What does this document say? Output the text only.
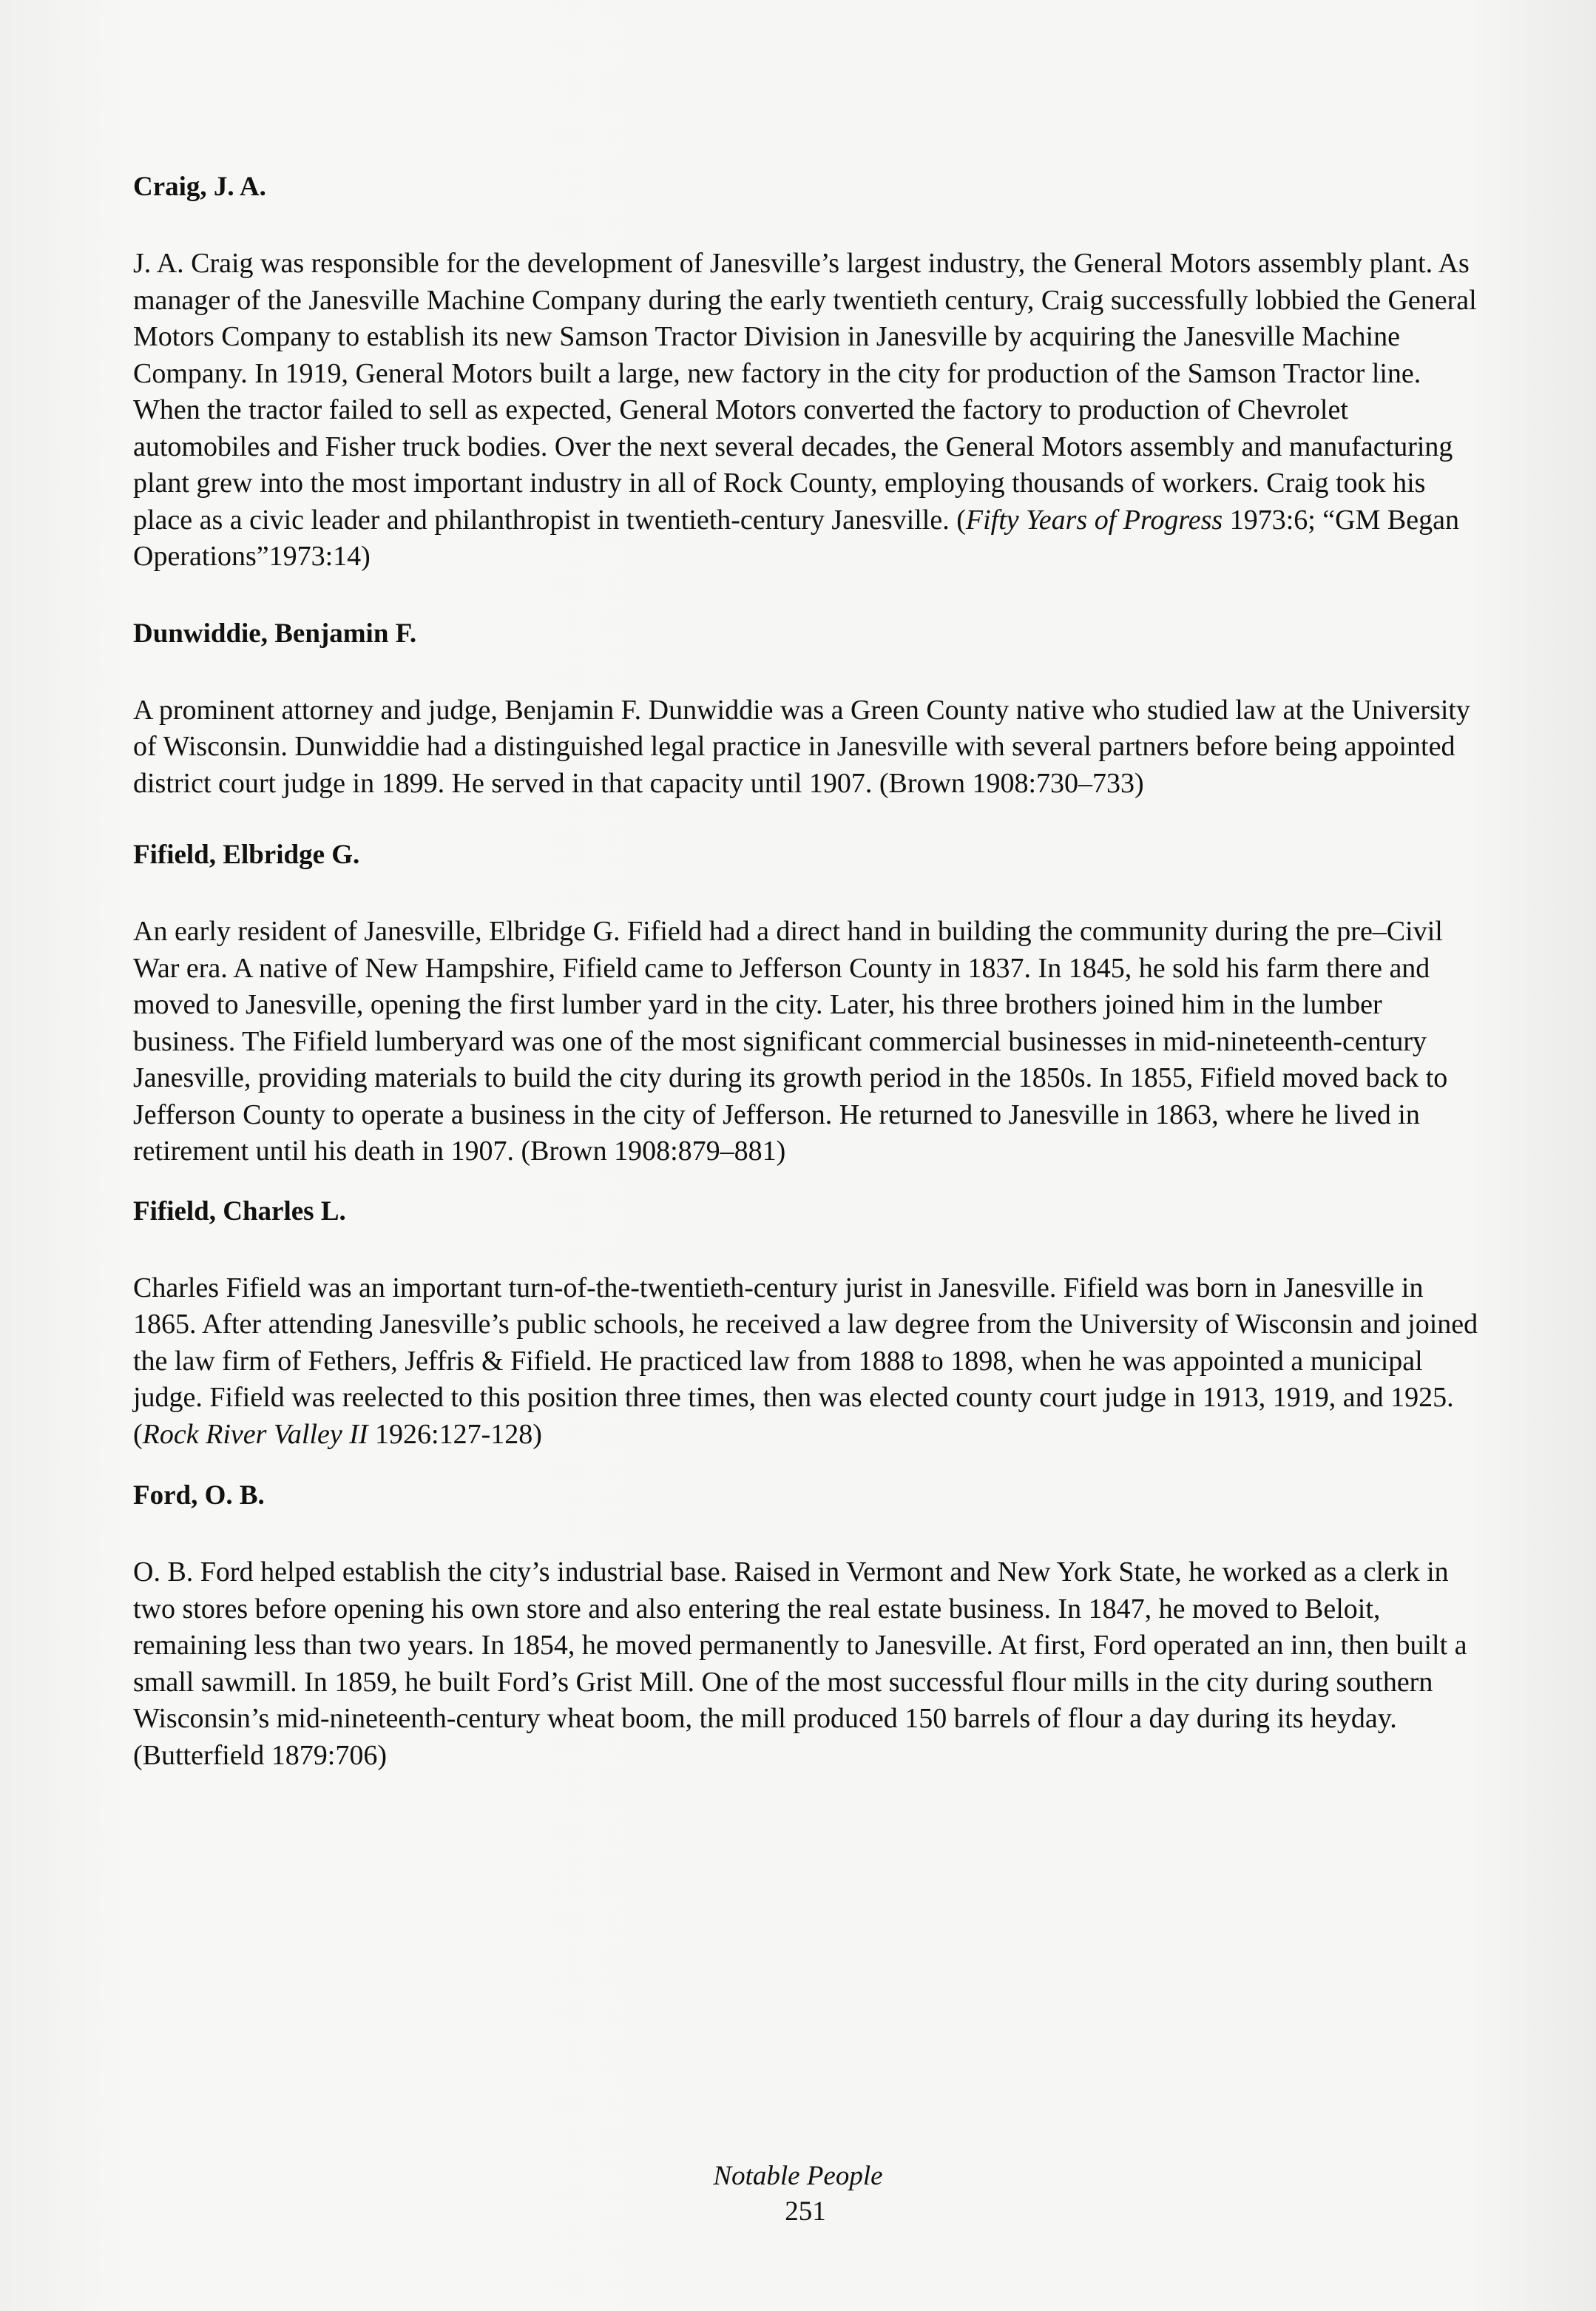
Craig, J. A.

J. A. Craig was responsible for the development of Janesville’s largest industry, the General Motors assembly plant. As manager of the Janesville Machine Company during the early twentieth century, Craig successfully lobbied the General Motors Company to establish its new Samson Tractor Division in Janesville by acquiring the Janesville Machine Company. In 1919, General Motors built a large, new factory in the city for production of the Samson Tractor line. When the tractor failed to sell as expected, General Motors converted the factory to production of Chevrolet automobiles and Fisher truck bodies. Over the next several decades, the General Motors assembly and manufacturing plant grew into the most important industry in all of Rock County, employing thousands of workers. Craig took his place as a civic leader and philanthropist in twentieth-century Janesville. (Fifty Years of Progress 1973:6; “GM Began Operations”1973:14)

Dunwiddie, Benjamin F.

A prominent attorney and judge, Benjamin F. Dunwiddie was a Green County native who studied law at the University of Wisconsin. Dunwiddie had a distinguished legal practice in Janesville with several partners before being appointed district court judge in 1899. He served in that capacity until 1907. (Brown 1908:730–733)

Fifield, Elbridge G.

An early resident of Janesville, Elbridge G. Fifield had a direct hand in building the community during the pre–Civil War era. A native of New Hampshire, Fifield came to Jefferson County in 1837. In 1845, he sold his farm there and moved to Janesville, opening the first lumber yard in the city. Later, his three brothers joined him in the lumber business. The Fifield lumberyard was one of the most significant commercial businesses in mid-nineteenth-century Janesville, providing materials to build the city during its growth period in the 1850s. In 1855, Fifield moved back to Jefferson County to operate a business in the city of Jefferson. He returned to Janesville in 1863, where he lived in retirement until his death in 1907. (Brown 1908:879–881)

Fifield, Charles L.

Charles Fifield was an important turn-of-the-twentieth-century jurist in Janesville. Fifield was born in Janesville in 1865. After attending Janesville’s public schools, he received a law degree from the University of Wisconsin and joined the law firm of Fethers, Jeffris & Fifield. He practiced law from 1888 to 1898, when he was appointed a municipal judge. Fifield was reelected to this position three times, then was elected county court judge in 1913, 1919, and 1925. (Rock River Valley II 1926:127-128)

Ford, O. B.

O. B. Ford helped establish the city’s industrial base. Raised in Vermont and New York State, he worked as a clerk in two stores before opening his own store and also entering the real estate business. In 1847, he moved to Beloit, remaining less than two years. In 1854, he moved permanently to Janesville. At first, Ford operated an inn, then built a small sawmill. In 1859, he built Ford’s Grist Mill. One of the most successful flour mills in the city during southern Wisconsin’s mid-nineteenth-century wheat boom, the mill produced 150 barrels of flour a day during its heyday. (Butterfield 1879:706)

Notable People
251
